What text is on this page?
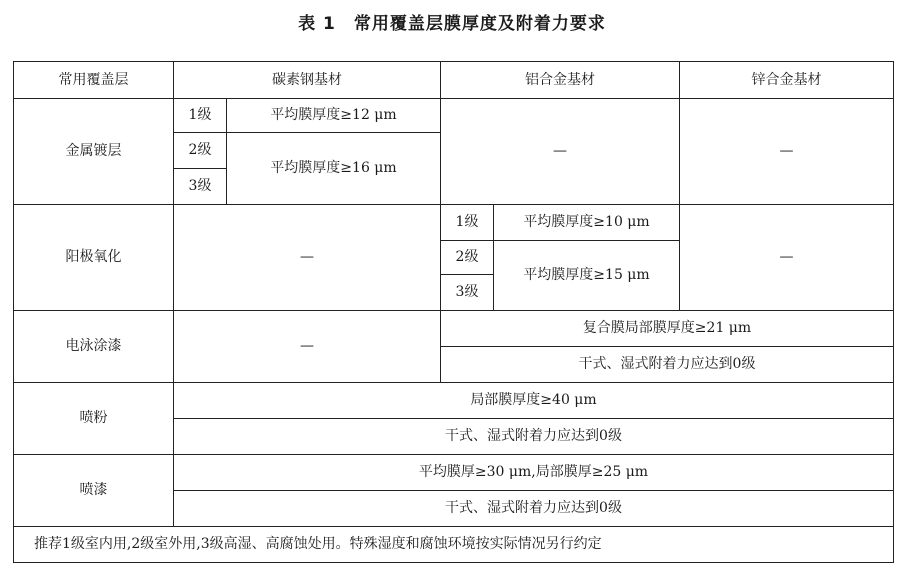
表 1 常用覆盖层膜厚度及附着力要求
常用覆盖层	碳素钢基材		铝合金基材		锌合金基材
金属镀层	1级	平均膜厚度≥12 μm	—		—
	2级	平均膜厚度≥16 μm			
	3级				
阳极氧化	—		1级	平均膜厚度≥10 μm	—
			2级	平均膜厚度≥15 μm	
			3级		
电泳涂漆	—		复合膜局部膜厚度≥21 μm		
			干式、湿式附着力应达到0级		
喷粉	局部膜厚度≥40 μm				
	干式、湿式附着力应达到0级				
喷漆	平均膜厚≥30 μm,局部膜厚≥25 μm				
	干式、湿式附着力应达到0级				
推荐1级室内用,2级室外用,3级高湿、高腐蚀处用。特殊湿度和腐蚀环境按实际情况另行约定					
